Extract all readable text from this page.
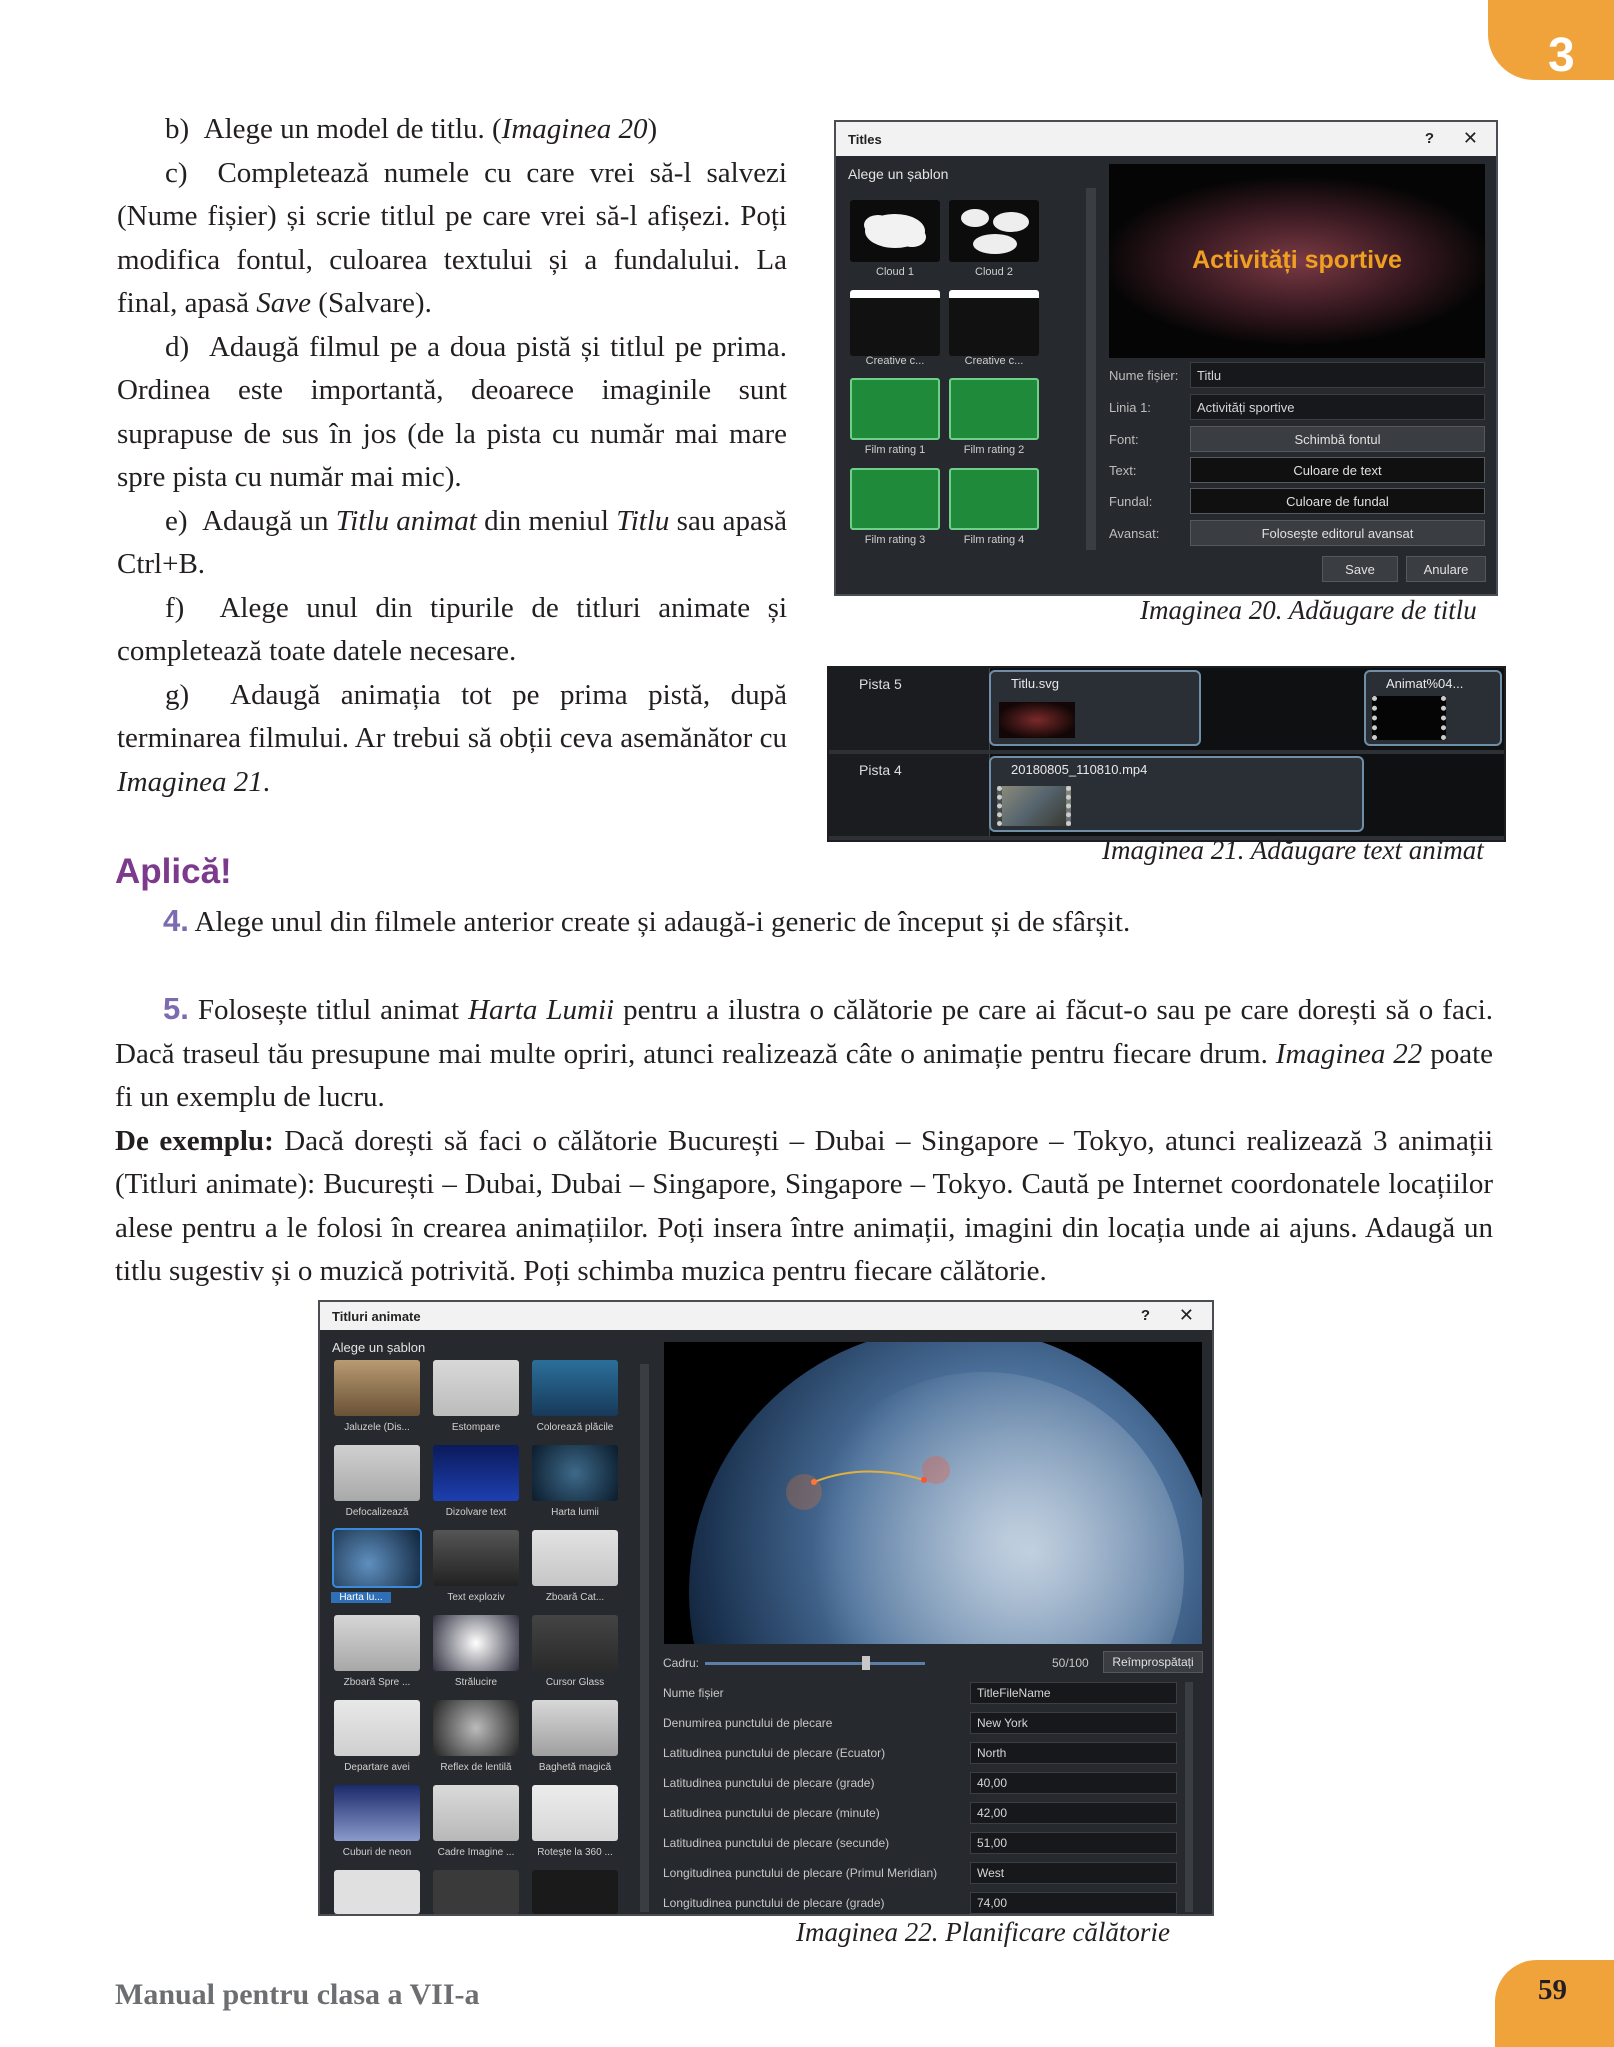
3

b) Alege un model de titlu. (Imaginea 20)

c) Completează numele cu care vrei să-l salvezi (Nume fișier) și scrie titlul pe care vrei să-l afișezi. Poți modifica fontul, culoarea textului și a fundalului. La final, apasă Save (Salvare).

d) Adaugă filmul pe a doua pistă și titlul pe prima. Ordinea este importantă, deoarece imaginile sunt suprapuse de sus în jos (de la pista cu număr mai mare spre pista cu număr mai mic).

e) Adaugă un Titlu animat din meniul Titlu sau apasă Ctrl+B.

f) Alege unul din tipurile de titluri animate și completează toate datele necesare.

g) Adaugă animația tot pe prima pistă, după terminarea filmului. Ar trebui să obții ceva asemănător cu Imaginea 21.

Titles	? ✕
Alege un șablon
Cloud 1	Cloud 2
Creative c...	Creative c...
Film rating 1	Film rating 2
Film rating 3	Film rating 4
Activități sportive
Nume fișier:	Titlu
Linia 1:	Activități sportive
Font:	Schimbă fontul
Text:	Culoare de text
Fundal:	Culoare de fundal
Avansat:	Folosește editorul avansat
Save	Anulare
Imaginea 20. Adăugare de titlu
Pista 5	Titlu.svg	Animat%04...
Pista 4	20180805_110810.mp4
Imaginea 21. Adăugare text animat
Aplică!

4. Alege unul din filmele anterior create și adaugă-i generic de început și de sfârșit.

5. Folosește titlul animat Harta Lumii pentru a ilustra o călătorie pe care ai făcut-o sau pe care dorești să o faci. Dacă traseul tău presupune mai multe opriri, atunci realizează câte o animație pentru fiecare drum. Imaginea 22 poate fi un exemplu de lucru.

De exemplu: Dacă dorești să faci o călătorie București – Dubai – Singapore – Tokyo, atunci realizează 3 animații (Titluri animate): București – Dubai, Dubai – Singapore, Singapore – Tokyo. Caută pe Internet coordonatele locațiilor alese pentru a le folosi în crearea animațiilor. Poți insera între animații, imagini din locația unde ai ajuns. Adaugă un titlu sugestiv și o muzică potrivită. Poți schimba muzica pentru fiecare călătorie.

Titluri animate	? ✕
Alege un șablon
Jaluzele (Dis...	Estompare	Colorează plăcile
Defocalizează	Dizolvare text	Harta lumii
Harta lu...	Text exploziv	Zboară Cat...
Zboară Spre ...	Strălucire	Cursor Glass
Departare avei	Reflex de lentilă	Baghetă magică
Cuburi de neon	Cadre Imagine ...	Rotește la 360 ...
Cadru:	50/100	Reîmprospătați
Nume fișier	TitleFileName
Denumirea punctului de plecare	New York
Latitudinea punctului de plecare (Ecuator)	North
Latitudinea punctului de plecare (grade)	40,00
Latitudinea punctului de plecare (minute)	42,00
Latitudinea punctului de plecare (secunde)	51,00
Longitudinea punctului de plecare (Primul Meridian)	West
Longitudinea punctului de plecare (grade)	74,00
Imaginea 22. Planificare călătorie
Manual pentru clasa a VII-a	59
